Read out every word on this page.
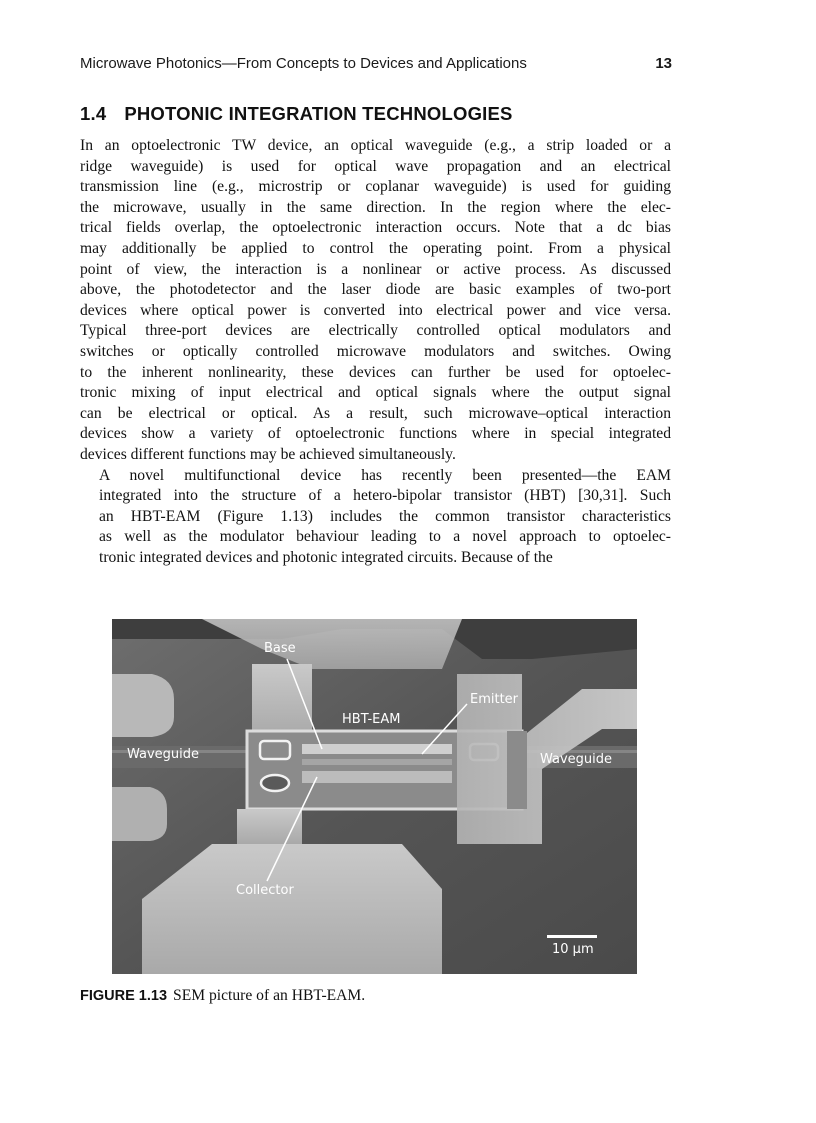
Microwave Photonics—From Concepts to Devices and Applications	13
1.4 PHOTONIC INTEGRATION TECHNOLOGIES

In an optoelectronic TW device, an optical waveguide (e.g., a strip loaded or a
ridge waveguide) is used for optical wave propagation and an electrical
transmission line (e.g., microstrip or coplanar waveguide) is used for guiding
the microwave, usually in the same direction. In the region where the elec-
trical fields overlap, the optoelectronic interaction occurs. Note that a dc bias
may additionally be applied to control the operating point. From a physical
point of view, the interaction is a nonlinear or active process. As discussed
above, the photodetector and the laser diode are basic examples of two-port
devices where optical power is converted into electrical power and vice versa.
Typical three-port devices are electrically controlled optical modulators and
switches or optically controlled microwave modulators and switches. Owing
to the inherent nonlinearity, these devices can further be used for optoelec-
tronic mixing of input electrical and optical signals where the output signal
can be electrical or optical. As a result, such microwave–optical interaction
devices show a variety of optoelectronic functions where in special integrated
devices different functions may be achieved simultaneously.

A novel multifunctional device has recently been presented—the EAM
integrated into the structure of a hetero-bipolar transistor (HBT) [30,31]. Such
an HBT-EAM (Figure 1.13) includes the common transistor characteristics
as well as the modulator behaviour leading to a novel approach to optoelec-
tronic integrated devices and photonic integrated circuits. Because of the

Base
Emitter
HBT-EAM
Waveguide	Waveguide
Collector
10 μm
FIGURE 1.13 SEM picture of an HBT-EAM.
